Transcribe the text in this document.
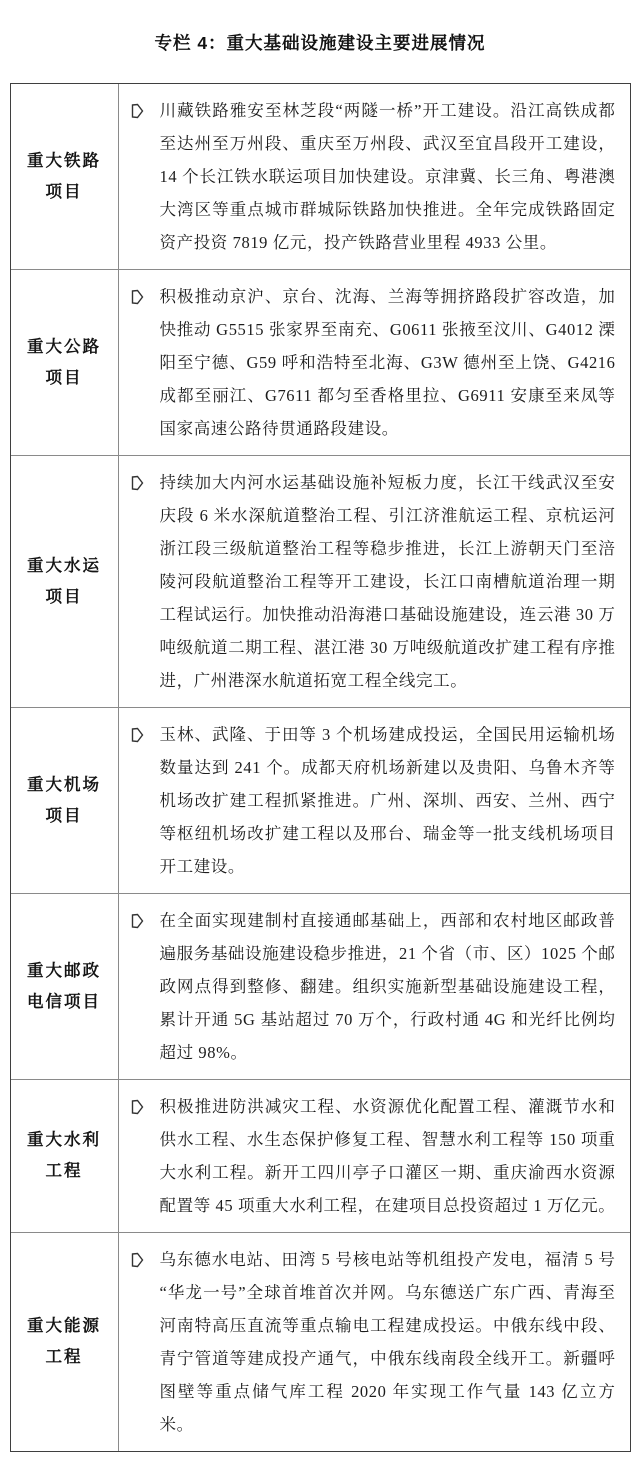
专栏 4：重大基础设施建设主要进展情况
重大铁路项目

川藏铁路雅安至林芝段“两隧一桥”开工建设。沿江高铁成都至达州至万州段、重庆至万州段、武汉至宜昌段开工建设，14 个长江铁水联运项目加快建设。京津冀、长三角、粤港澳大湾区等重点城市群城际铁路加快推进。全年完成铁路固定资产投资 7819 亿元，投产铁路营业里程 4933 公里。

重大公路项目

积极推动京沪、京台、沈海、兰海等拥挤路段扩容改造，加快推动 G5515 张家界至南充、G0611 张掖至汶川、G4012 溧阳至宁德、G59 呼和浩特至北海、G3W 德州至上饶、G4216 成都至丽江、G7611 都匀至香格里拉、G6911 安康至来凤等国家高速公路待贯通路段建设。

重大水运项目

持续加大内河水运基础设施补短板力度，长江干线武汉至安庆段 6 米水深航道整治工程、引江济淮航运工程、京杭运河浙江段三级航道整治工程等稳步推进，长江上游朝天门至涪陵河段航道整治工程等开工建设，长江口南槽航道治理一期工程试运行。加快推动沿海港口基础设施建设，连云港 30 万吨级航道二期工程、湛江港 30 万吨级航道改扩建工程有序推进，广州港深水航道拓宽工程全线完工。

重大机场项目

玉林、武隆、于田等 3 个机场建成投运，全国民用运输机场数量达到 241 个。成都天府机场新建以及贵阳、乌鲁木齐等机场改扩建工程抓紧推进。广州、深圳、西安、兰州、西宁等枢纽机场改扩建工程以及邢台、瑞金等一批支线机场项目开工建设。

重大邮政电信项目

在全面实现建制村直接通邮基础上，西部和农村地区邮政普遍服务基础设施建设稳步推进，21 个省（市、区）1025 个邮政网点得到整修、翻建。组织实施新型基础设施建设工程，累计开通 5G 基站超过 70 万个，行政村通 4G 和光纤比例均超过 98%。

重大水利工程

积极推进防洪减灾工程、水资源优化配置工程、灌溉节水和供水工程、水生态保护修复工程、智慧水利工程等 150 项重大水利工程。新开工四川亭子口灌区一期、重庆渝西水资源配置等 45 项重大水利工程，在建项目总投资超过 1 万亿元。

重大能源工程

乌东德水电站、田湾 5 号核电站等机组投产发电，福清 5 号“华龙一号”全球首堆首次并网。乌东德送广东广西、青海至河南特高压直流等重点输电工程建成投运。中俄东线中段、青宁管道等建成投产通气，中俄东线南段全线开工。新疆呼图壁等重点储气库工程 2020 年实现工作气量 143 亿立方米。
